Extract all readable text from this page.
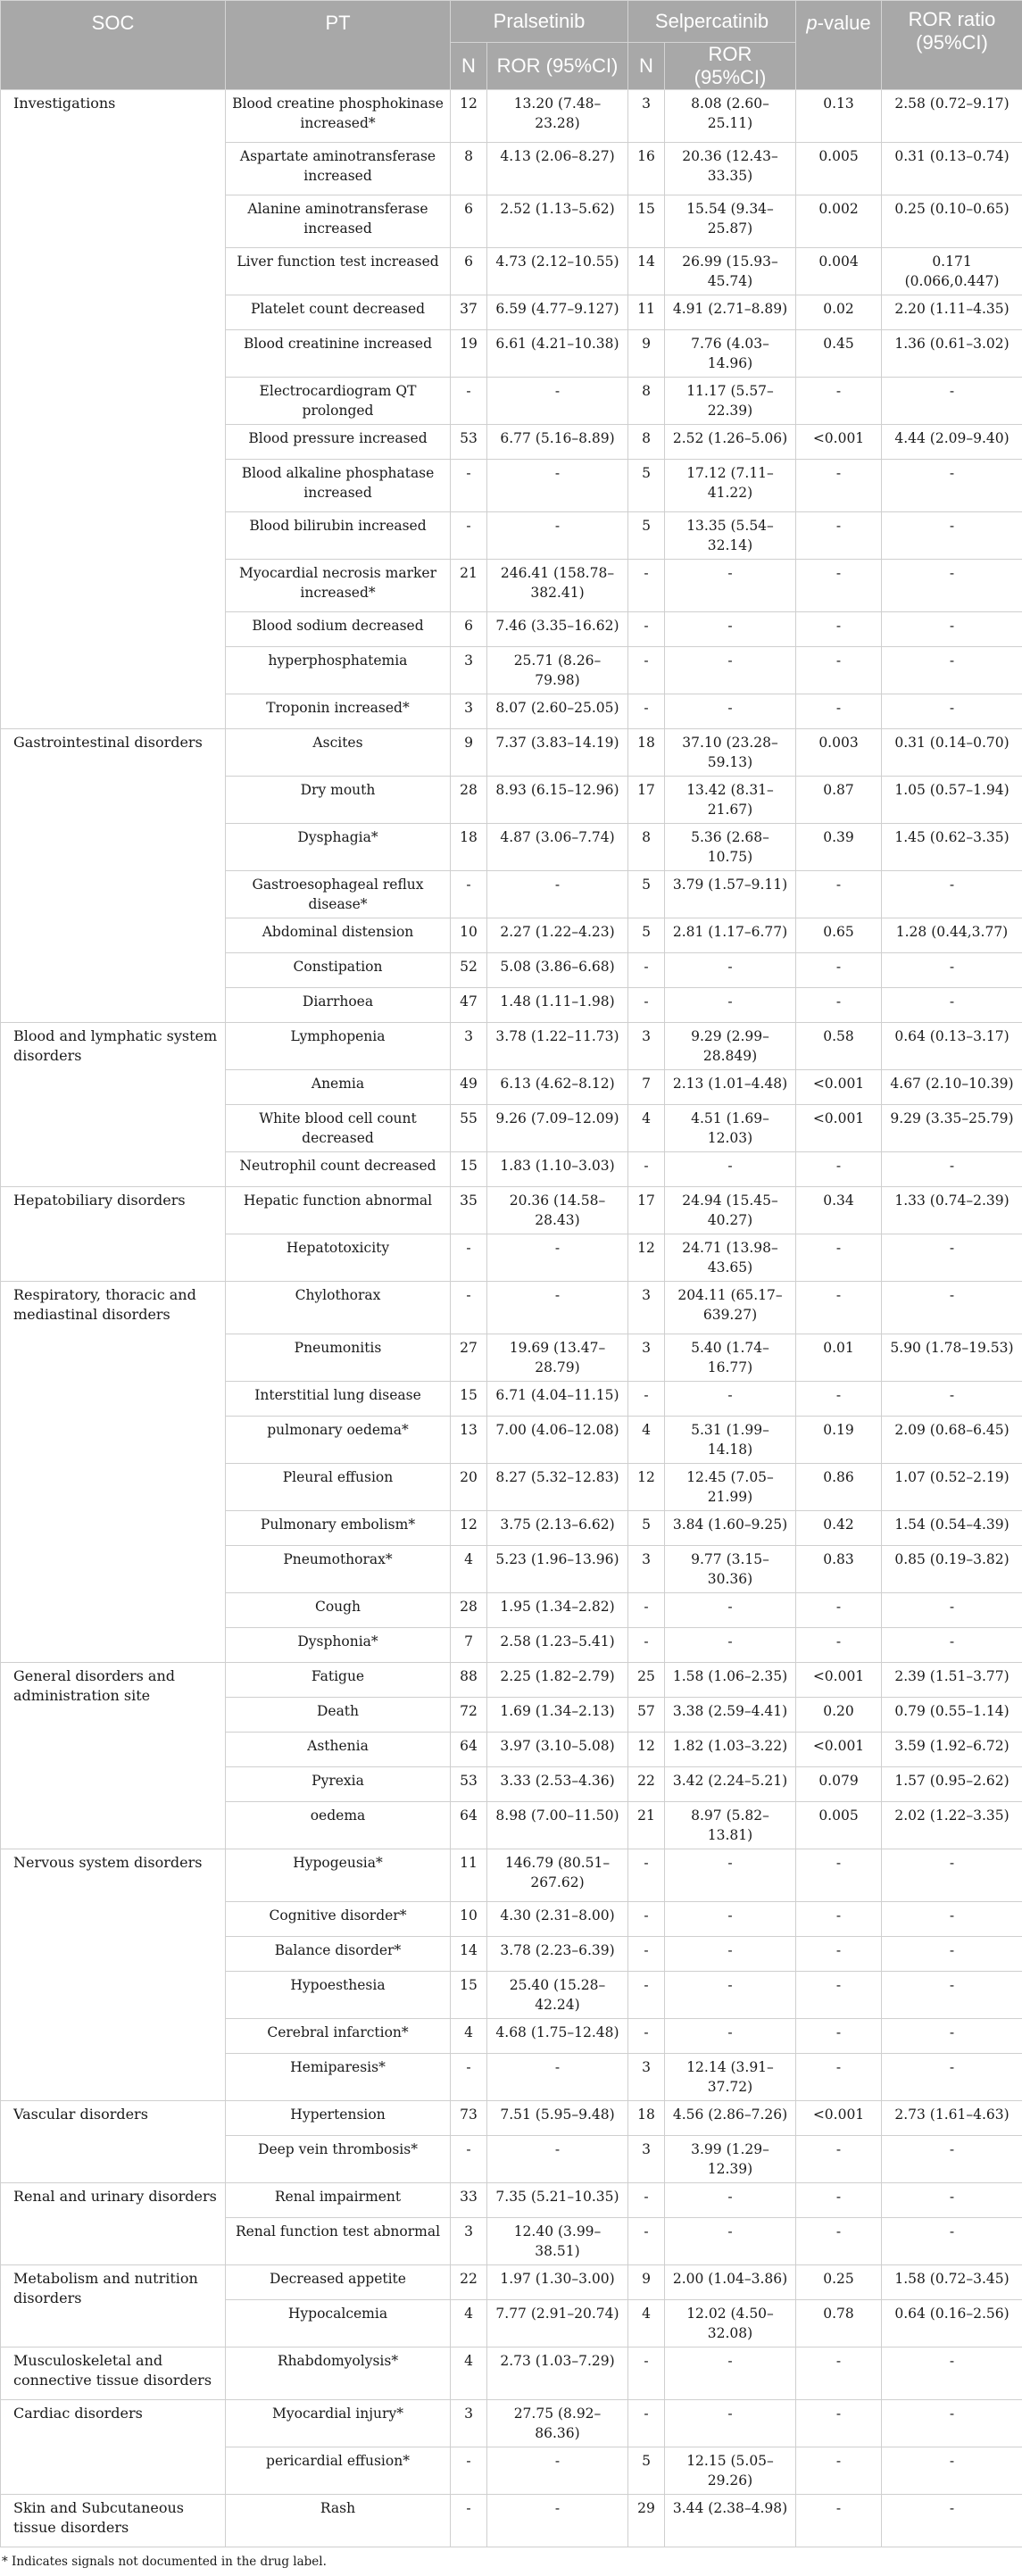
SOC	PT	Pralsetinib		Selpercatinib		p-value	ROR ratio (95%CI)
		N	ROR (95%CI)	N	ROR (95%CI)		
Investigations	Blood creatine phosphokinase increased*	12	13.20 (7.48–23.28)	3	8.08 (2.60–25.11)	0.13	2.58 (0.72–9.17)
	Aspartate aminotransferase increased	8	4.13 (2.06–8.27)	16	20.36 (12.43–33.35)	0.005	0.31 (0.13–0.74)
	Alanine aminotransferase increased	6	2.52 (1.13–5.62)	15	15.54 (9.34–25.87)	0.002	0.25 (0.10–0.65)
	Liver function test increased	6	4.73 (2.12–10.55)	14	26.99 (15.93–45.74)	0.004	0.171 (0.066,0.447)
	Platelet count decreased	37	6.59 (4.77–9.127)	11	4.91 (2.71–8.89)	0.02	2.20 (1.11–4.35)
	Blood creatinine increased	19	6.61 (4.21–10.38)	9	7.76 (4.03–14.96)	0.45	1.36 (0.61–3.02)
	Electrocardiogram QT prolonged	-	-	8	11.17 (5.57–22.39)	-	-
	Blood pressure increased	53	6.77 (5.16–8.89)	8	2.52 (1.26–5.06)	<0.001	4.44 (2.09–9.40)
	Blood alkaline phosphatase increased	-	-	5	17.12 (7.11–41.22)	-	-
	Blood bilirubin increased	-	-	5	13.35 (5.54–32.14)	-	-
	Myocardial necrosis marker increased*	21	246.41 (158.78–382.41)	-	-	-	-
	Blood sodium decreased	6	7.46 (3.35–16.62)	-	-	-	-
	hyperphosphatemia	3	25.71 (8.26–79.98)	-	-	-	-
	Troponin increased*	3	8.07 (2.60–25.05)	-	-	-	-
Gastrointestinal disorders	Ascites	9	7.37 (3.83–14.19)	18	37.10 (23.28–59.13)	0.003	0.31 (0.14–0.70)
	Dry mouth	28	8.93 (6.15–12.96)	17	13.42 (8.31–21.67)	0.87	1.05 (0.57–1.94)
	Dysphagia*	18	4.87 (3.06–7.74)	8	5.36 (2.68–10.75)	0.39	1.45 (0.62–3.35)
	Gastroesophageal reflux disease*	-	-	5	3.79 (1.57–9.11)	-	-
	Abdominal distension	10	2.27 (1.22–4.23)	5	2.81 (1.17–6.77)	0.65	1.28 (0.44,3.77)
	Constipation	52	5.08 (3.86–6.68)	-	-	-	-
	Diarrhoea	47	1.48 (1.11–1.98)	-	-	-	-
Blood and lymphatic system disorders	Lymphopenia	3	3.78 (1.22–11.73)	3	9.29 (2.99–28.849)	0.58	0.64 (0.13–3.17)
	Anemia	49	6.13 (4.62–8.12)	7	2.13 (1.01–4.48)	<0.001	4.67 (2.10–10.39)
	White blood cell count decreased	55	9.26 (7.09–12.09)	4	4.51 (1.69–12.03)	<0.001	9.29 (3.35–25.79)
	Neutrophil count decreased	15	1.83 (1.10–3.03)	-	-	-	-
Hepatobiliary disorders	Hepatic function abnormal	35	20.36 (14.58–28.43)	17	24.94 (15.45–40.27)	0.34	1.33 (0.74–2.39)
	Hepatotoxicity	-	-	12	24.71 (13.98–43.65)	-	-
Respiratory, thoracic and mediastinal disorders	Chylothorax	-	-	3	204.11 (65.17–639.27)	-	-
	Pneumonitis	27	19.69 (13.47–28.79)	3	5.40 (1.74–16.77)	0.01	5.90 (1.78–19.53)
	Interstitial lung disease	15	6.71 (4.04–11.15)	-	-	-	-
	pulmonary oedema*	13	7.00 (4.06–12.08)	4	5.31 (1.99–14.18)	0.19	2.09 (0.68–6.45)
	Pleural effusion	20	8.27 (5.32–12.83)	12	12.45 (7.05–21.99)	0.86	1.07 (0.52–2.19)
	Pulmonary embolism*	12	3.75 (2.13–6.62)	5	3.84 (1.60–9.25)	0.42	1.54 (0.54–4.39)
	Pneumothorax*	4	5.23 (1.96–13.96)	3	9.77 (3.15–30.36)	0.83	0.85 (0.19–3.82)
	Cough	28	1.95 (1.34–2.82)	-	-	-	-
	Dysphonia*	7	2.58 (1.23–5.41)	-	-	-	-
General disorders and administration site	Fatigue	88	2.25 (1.82–2.79)	25	1.58 (1.06–2.35)	<0.001	2.39 (1.51–3.77)
	Death	72	1.69 (1.34–2.13)	57	3.38 (2.59–4.41)	0.20	0.79 (0.55–1.14)
	Asthenia	64	3.97 (3.10–5.08)	12	1.82 (1.03–3.22)	<0.001	3.59 (1.92–6.72)
	Pyrexia	53	3.33 (2.53–4.36)	22	3.42 (2.24–5.21)	0.079	1.57 (0.95–2.62)
	oedema	64	8.98 (7.00–11.50)	21	8.97 (5.82–13.81)	0.005	2.02 (1.22–3.35)
Nervous system disorders	Hypogeusia*	11	146.79 (80.51–267.62)	-	-	-	-
	Cognitive disorder*	10	4.30 (2.31–8.00)	-	-	-	-
	Balance disorder*	14	3.78 (2.23–6.39)	-	-	-	-
	Hypoesthesia	15	25.40 (15.28–42.24)	-	-	-	-
	Cerebral infarction*	4	4.68 (1.75–12.48)	-	-	-	-
	Hemiparesis*	-	-	3	12.14 (3.91–37.72)	-	-
Vascular disorders	Hypertension	73	7.51 (5.95–9.48)	18	4.56 (2.86–7.26)	<0.001	2.73 (1.61–4.63)
	Deep vein thrombosis*	-	-	3	3.99 (1.29–12.39)	-	-
Renal and urinary disorders	Renal impairment	33	7.35 (5.21–10.35)	-	-	-	-
	Renal function test abnormal	3	12.40 (3.99–38.51)	-	-	-	-
Metabolism and nutrition disorders	Decreased appetite	22	1.97 (1.30–3.00)	9	2.00 (1.04–3.86)	0.25	1.58 (0.72–3.45)
	Hypocalcemia	4	7.77 (2.91–20.74)	4	12.02 (4.50–32.08)	0.78	0.64 (0.16–2.56)
Musculoskeletal and connective tissue disorders	Rhabdomyolysis*	4	2.73 (1.03–7.29)	-	-	-	-
Cardiac disorders	Myocardial injury*	3	27.75 (8.92–86.36)	-	-	-	-
	pericardial effusion*	-	-	5	12.15 (5.05–29.26)	-	-
Skin and Subcutaneous tissue disorders	Rash	-	-	29	3.44 (2.38–4.98)	-	-
* Indicates signals not documented in the drug label.
